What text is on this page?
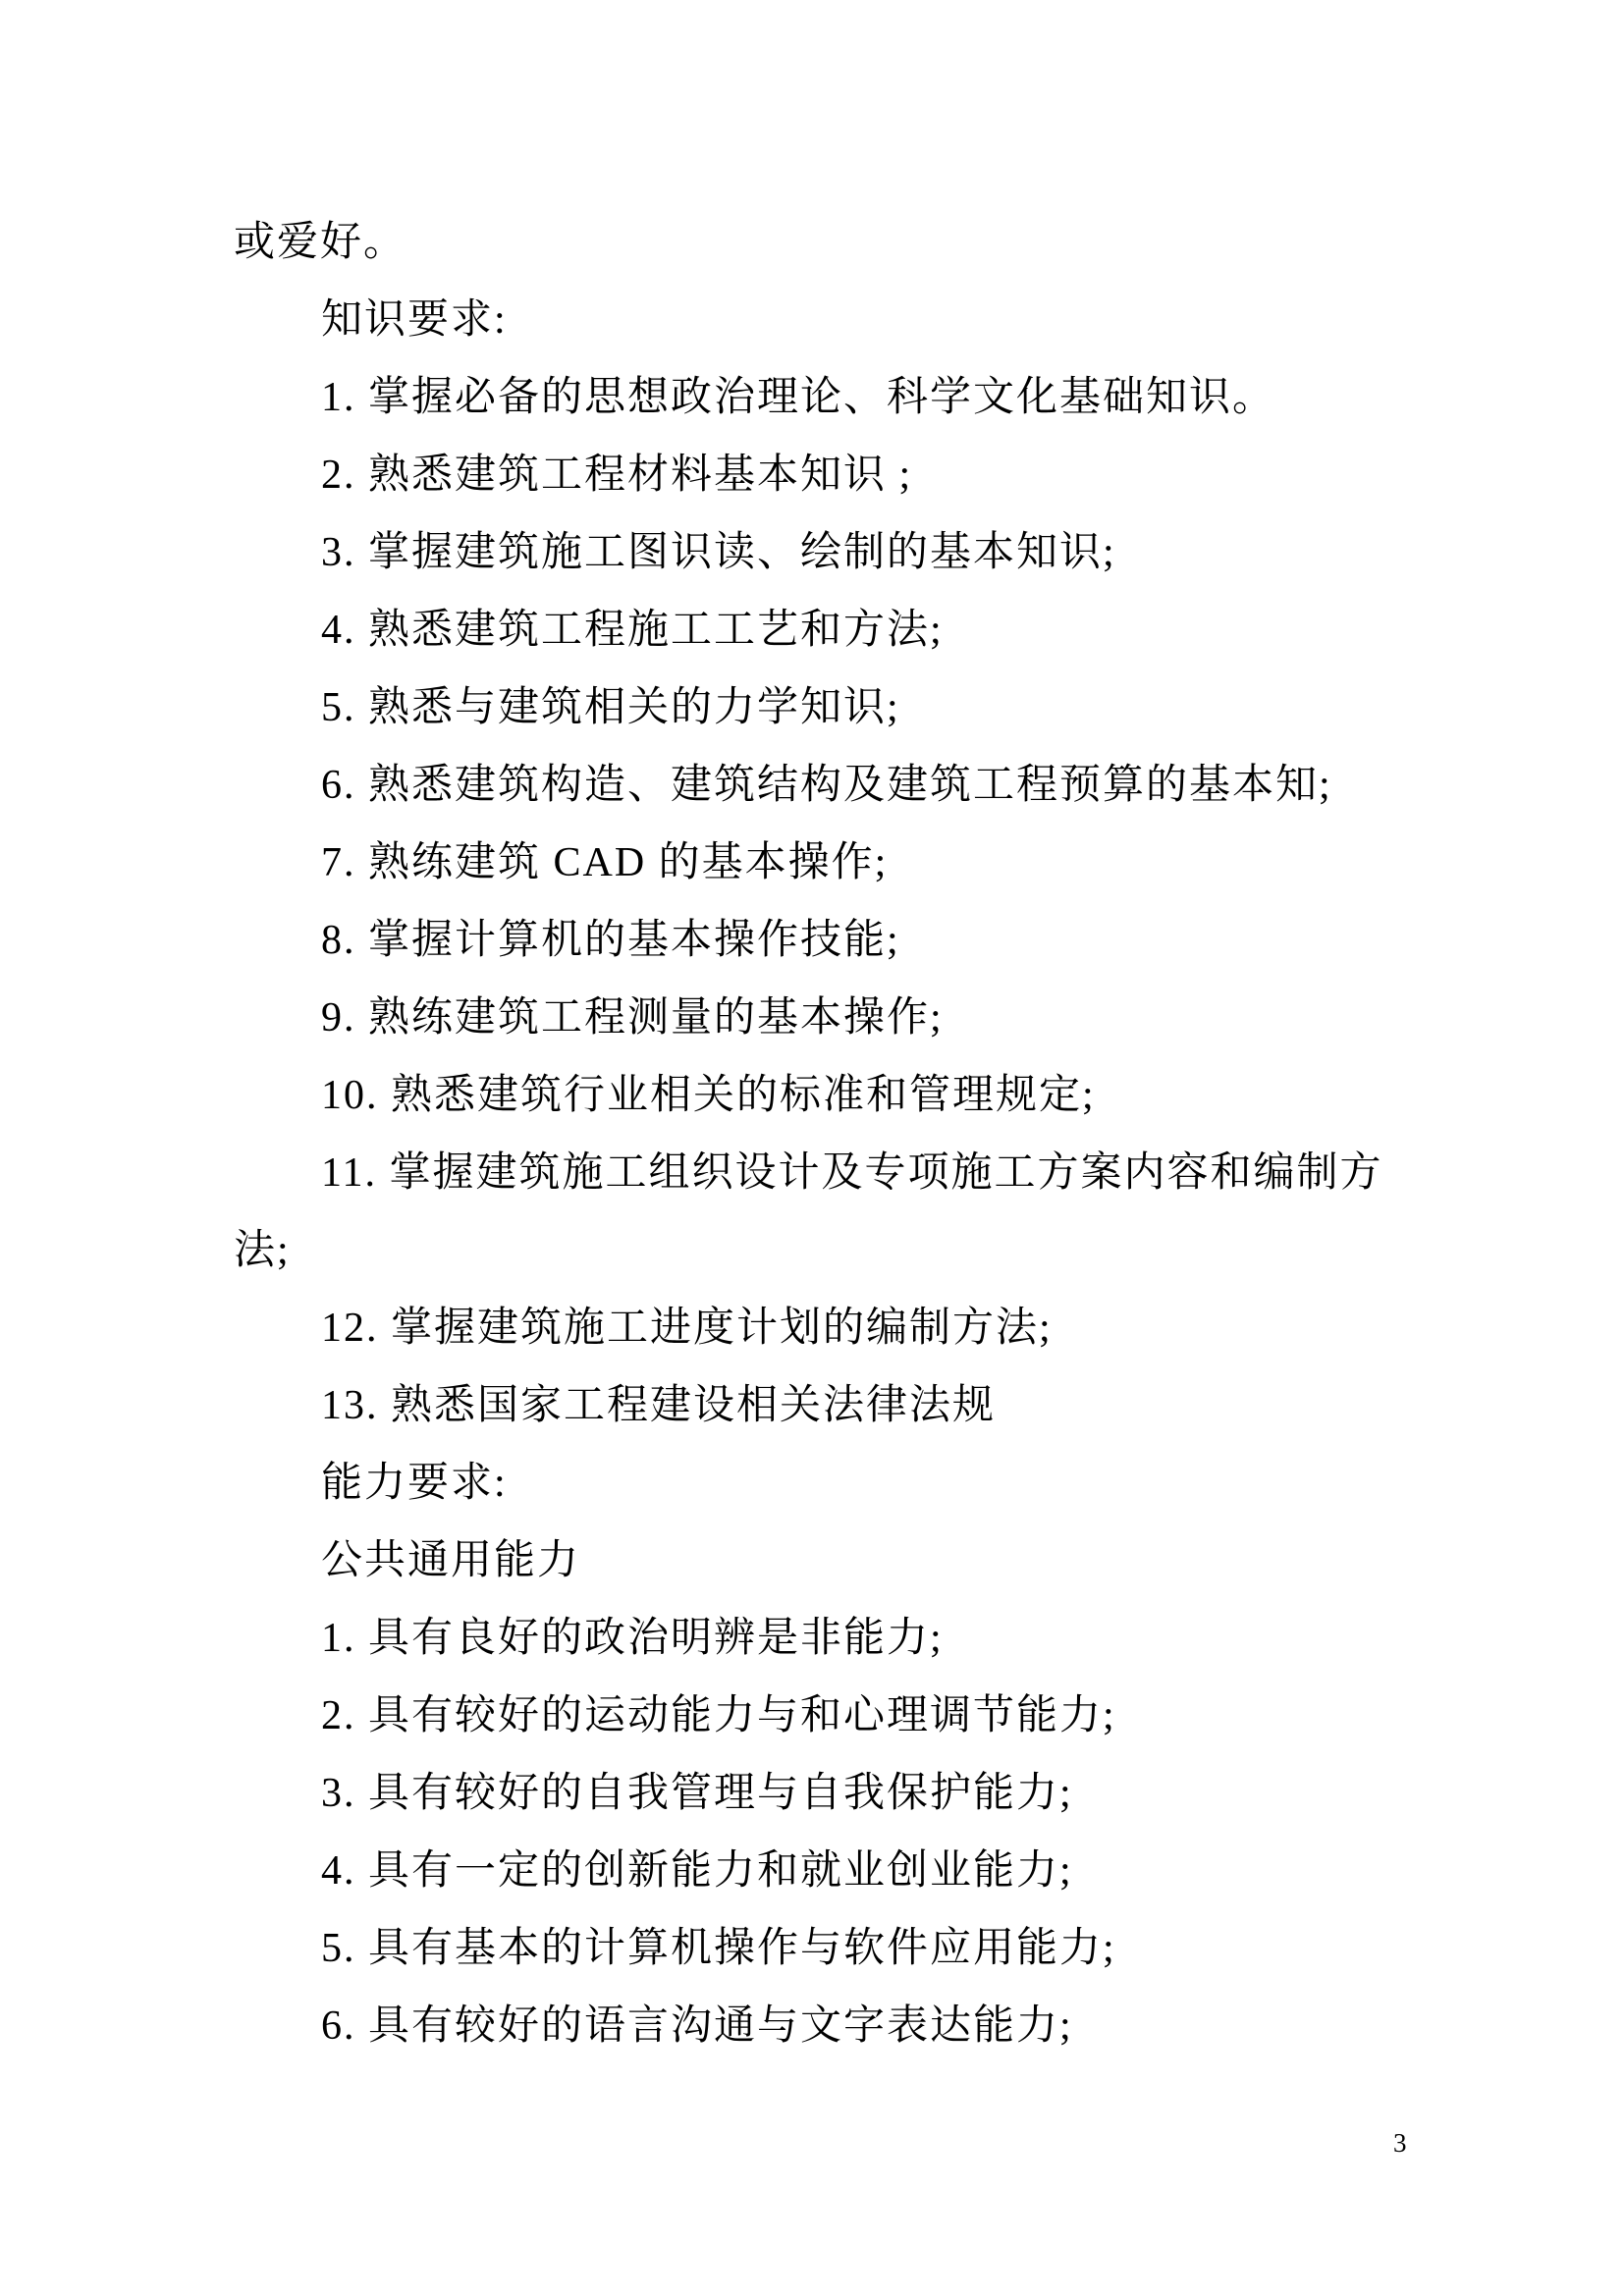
或爱好。
知识要求:
1. 掌握必备的思想政治理论、科学文化基础知识。
2. 熟悉建筑工程材料基本知识 ;
3. 掌握建筑施工图识读、绘制的基本知识;
4. 熟悉建筑工程施工工艺和方法;
5. 熟悉与建筑相关的力学知识;
6. 熟悉建筑构造、建筑结构及建筑工程预算的基本知;
7. 熟练建筑 CAD 的基本操作;
8. 掌握计算机的基本操作技能;
9. 熟练建筑工程测量的基本操作;
10. 熟悉建筑行业相关的标准和管理规定;
11. 掌握建筑施工组织设计及专项施工方案内容和编制方
法;
12. 掌握建筑施工进度计划的编制方法;
13. 熟悉国家工程建设相关法律法规
能力要求:
公共通用能力
1. 具有良好的政治明辨是非能力;
2. 具有较好的运动能力与和心理调节能力;
3. 具有较好的自我管理与自我保护能力;
4. 具有一定的创新能力和就业创业能力;
5. 具有基本的计算机操作与软件应用能力;
6. 具有较好的语言沟通与文字表达能力;
3
